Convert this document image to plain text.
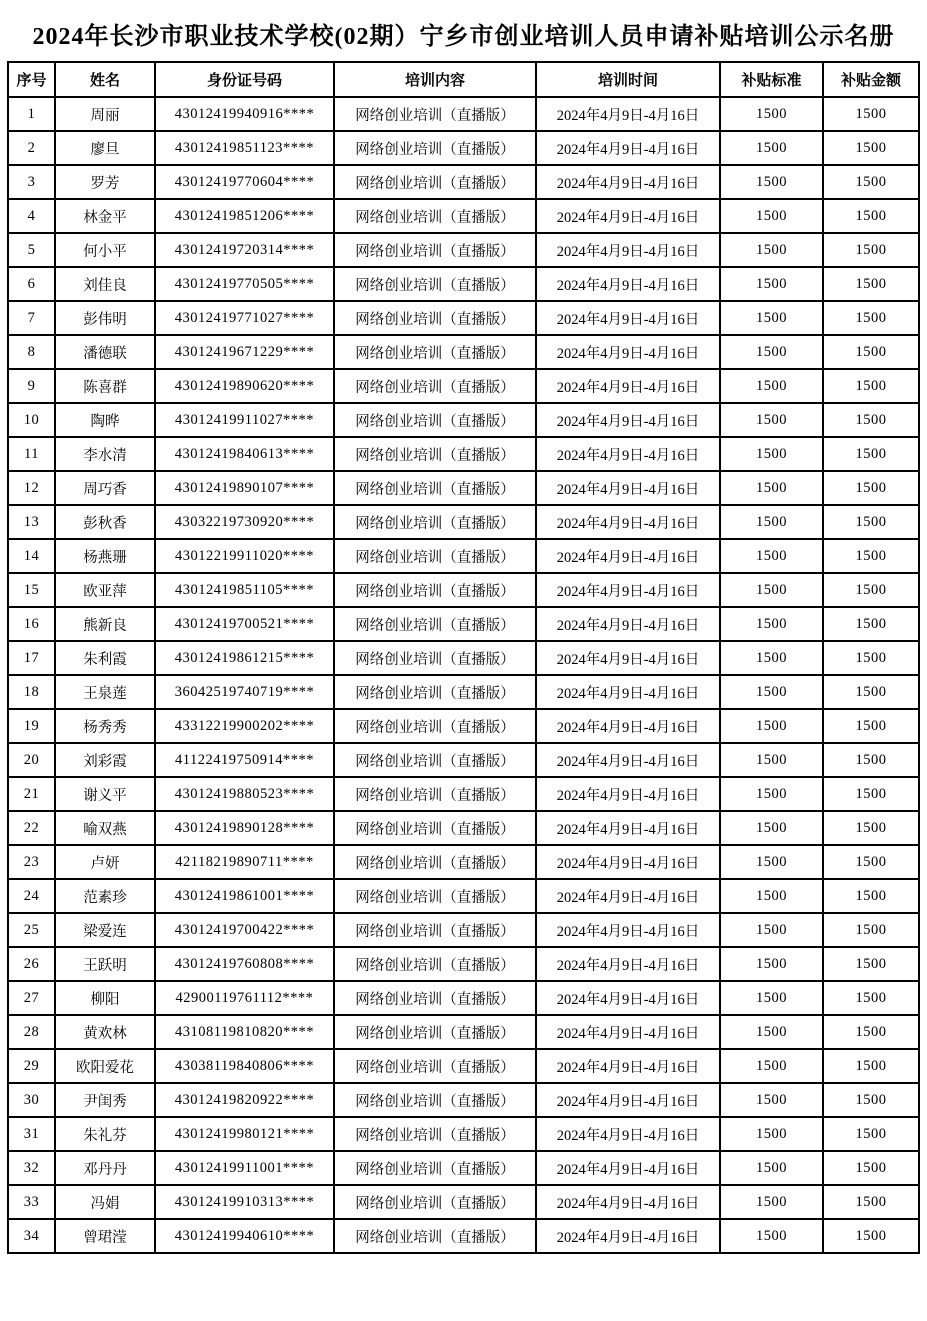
2024年长沙市职业技术学校(02期）宁乡市创业培训人员申请补贴培训公示名册
序号	姓名	身份证号码	培训内容	培训时间	补贴标准	补贴金额
1	周丽	43012419940916****	网络创业培训（直播版）	2024年4月9日-4月16日	1500	1500
2	廖旦	43012419851123****	网络创业培训（直播版）	2024年4月9日-4月16日	1500	1500
3	罗芳	43012419770604****	网络创业培训（直播版）	2024年4月9日-4月16日	1500	1500
4	林金平	43012419851206****	网络创业培训（直播版）	2024年4月9日-4月16日	1500	1500
5	何小平	43012419720314****	网络创业培训（直播版）	2024年4月9日-4月16日	1500	1500
6	刘佳良	43012419770505****	网络创业培训（直播版）	2024年4月9日-4月16日	1500	1500
7	彭伟明	43012419771027****	网络创业培训（直播版）	2024年4月9日-4月16日	1500	1500
8	潘德联	43012419671229****	网络创业培训（直播版）	2024年4月9日-4月16日	1500	1500
9	陈喜群	43012419890620****	网络创业培训（直播版）	2024年4月9日-4月16日	1500	1500
10	陶晔	43012419911027****	网络创业培训（直播版）	2024年4月9日-4月16日	1500	1500
11	李水清	43012419840613****	网络创业培训（直播版）	2024年4月9日-4月16日	1500	1500
12	周巧香	43012419890107****	网络创业培训（直播版）	2024年4月9日-4月16日	1500	1500
13	彭秋香	43032219730920****	网络创业培训（直播版）	2024年4月9日-4月16日	1500	1500
14	杨燕珊	43012219911020****	网络创业培训（直播版）	2024年4月9日-4月16日	1500	1500
15	欧亚萍	43012419851105****	网络创业培训（直播版）	2024年4月9日-4月16日	1500	1500
16	熊新良	43012419700521****	网络创业培训（直播版）	2024年4月9日-4月16日	1500	1500
17	朱利霞	43012419861215****	网络创业培训（直播版）	2024年4月9日-4月16日	1500	1500
18	王泉莲	36042519740719****	网络创业培训（直播版）	2024年4月9日-4月16日	1500	1500
19	杨秀秀	43312219900202****	网络创业培训（直播版）	2024年4月9日-4月16日	1500	1500
20	刘彩霞	41122419750914****	网络创业培训（直播版）	2024年4月9日-4月16日	1500	1500
21	谢义平	43012419880523****	网络创业培训（直播版）	2024年4月9日-4月16日	1500	1500
22	喻双燕	43012419890128****	网络创业培训（直播版）	2024年4月9日-4月16日	1500	1500
23	卢妍	42118219890711****	网络创业培训（直播版）	2024年4月9日-4月16日	1500	1500
24	范素珍	43012419861001****	网络创业培训（直播版）	2024年4月9日-4月16日	1500	1500
25	梁爱连	43012419700422****	网络创业培训（直播版）	2024年4月9日-4月16日	1500	1500
26	王跃明	43012419760808****	网络创业培训（直播版）	2024年4月9日-4月16日	1500	1500
27	柳阳	42900119761112****	网络创业培训（直播版）	2024年4月9日-4月16日	1500	1500
28	黄欢林	43108119810820****	网络创业培训（直播版）	2024年4月9日-4月16日	1500	1500
29	欧阳爱花	43038119840806****	网络创业培训（直播版）	2024年4月9日-4月16日	1500	1500
30	尹闺秀	43012419820922****	网络创业培训（直播版）	2024年4月9日-4月16日	1500	1500
31	朱礼芬	43012419980121****	网络创业培训（直播版）	2024年4月9日-4月16日	1500	1500
32	邓丹丹	43012419911001****	网络创业培训（直播版）	2024年4月9日-4月16日	1500	1500
33	冯娟	43012419910313****	网络创业培训（直播版）	2024年4月9日-4月16日	1500	1500
34	曾珺滢	43012419940610****	网络创业培训（直播版）	2024年4月9日-4月16日	1500	1500
